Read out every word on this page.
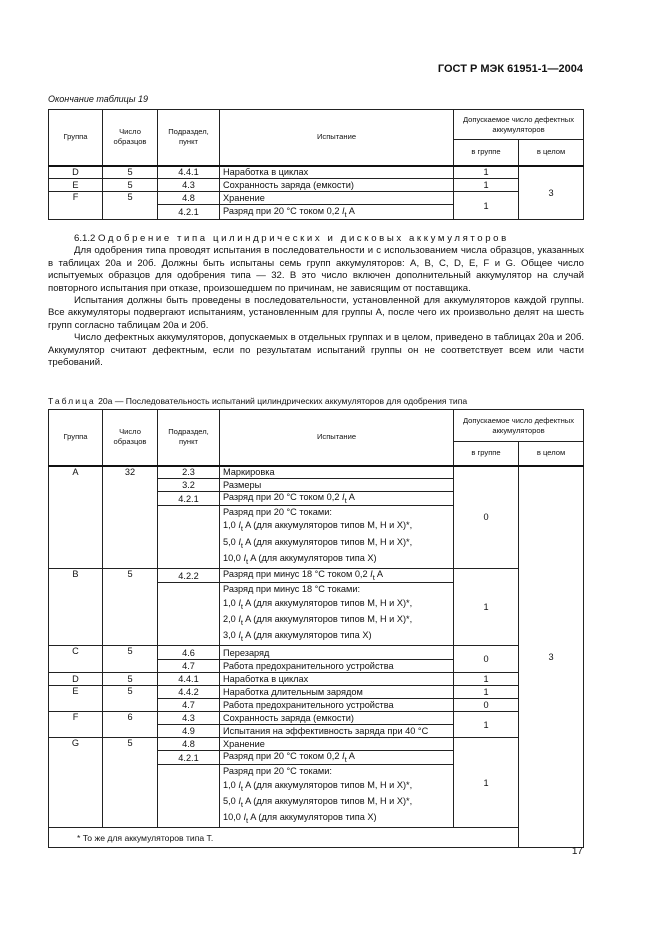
ГОСТ Р МЭК 61951-1—2004
Окончание таблицы 19
Группа	Число образцов	Подраздел, пункт	Испытание	Допускаемое число дефектных аккумуляторов	
				в группе	в целом
D	5	4.4.1	Наработка в циклах	1	3
E	5	4.3	Сохранность заряда (емкости)	1	
F	5	4.8	Хранение	1	
		4.2.1	Разряд при 20 °C током 0,2 $I_t$ A		

6.1.2 Одобрение типа цилиндрических и дисковых аккумуляторов

Для одобрения типа проводят испытания в последовательности и с использованием числа образцов, указанных в таблицах 20а и 20б. Должны быть испытаны семь групп аккумуляторов: А, В, С, D, Е, F и G. Общее число испытуемых образцов для одобрения типа — 32. В это число включен дополнительный аккумулятор на случай повторного испытания при отказе, произошедшем по причинам, не зависящим от поставщика.

Испытания должны быть проведены в последовательности, установленной для аккумуляторов каждой группы. Все аккумуляторы подвергают испытаниям, установленным для группы А, после чего их произвольно делят на шесть групп согласно таблицам 20а и 20б.

Число дефектных аккумуляторов, допускаемых в отдельных группах и в целом, приведено в таблицах 20а и 20б. Аккумулятор считают дефектным, если по результатам испытаний группы он не соответствует всем или части требований.

Таблица 20а — Последовательность испытаний цилиндрических аккумуляторов для одобрения типа
Группа	Число образцов	Подраздел, пункт	Испытание	Допускаемое число дефектных аккумуляторов	
				в группе	в целом
A	32	2.3	Маркировка	0	3
		3.2	Размеры		
		4.2.1	Разряд при 20 °C током 0,2 $I_t$ A		

			Разряд при 20 °C токами:
1,0 $I_t$ A (для аккумуляторов типов М, Н и Х)*,
5,0 $I_t$ A (для аккумуляторов типов М, Н и Х)*,
10,0 $I_t$ A (для аккумуляторов типа Х)		

B	5	4.2.2	Разряд при минус 18 °C током 0,2 $I_t$ A	1	

			Разряд при минус 18 °C токами:
1,0 $I_t$ A (для аккумуляторов типов М, Н и Х)*,
2,0 $I_t$ A (для аккумуляторов типов М, Н и Х)*,
3,0 $I_t$ A (для аккумуляторов типа Х)		

C	5	4.6	Перезаряд	0	
		4.7	Работа предохранительного устройства		
D	5	4.4.1	Наработка в циклах	1	
E	5	4.4.2	Наработка длительным зарядом	1	
		4.7	Работа предохранительного устройства	0	
F	6	4.3	Сохранность заряда (емкости)	1	
		4.9	Испытания на эффективность заряда при 40 °C		
G	5	4.8	Хранение	1	
		4.2.1	Разряд при 20 °C током 0,2 $I_t$ A		

			Разряд при 20 °C токами:
1,0 $I_t$ A (для аккумуляторов типов М, Н и Х)*,
5,0 $I_t$ A (для аккумуляторов типов М, Н и Х)*,
10,0 $I_t$ A (для аккумуляторов типа Х)		

* То же для аккумуляторов типа Т.					
17
